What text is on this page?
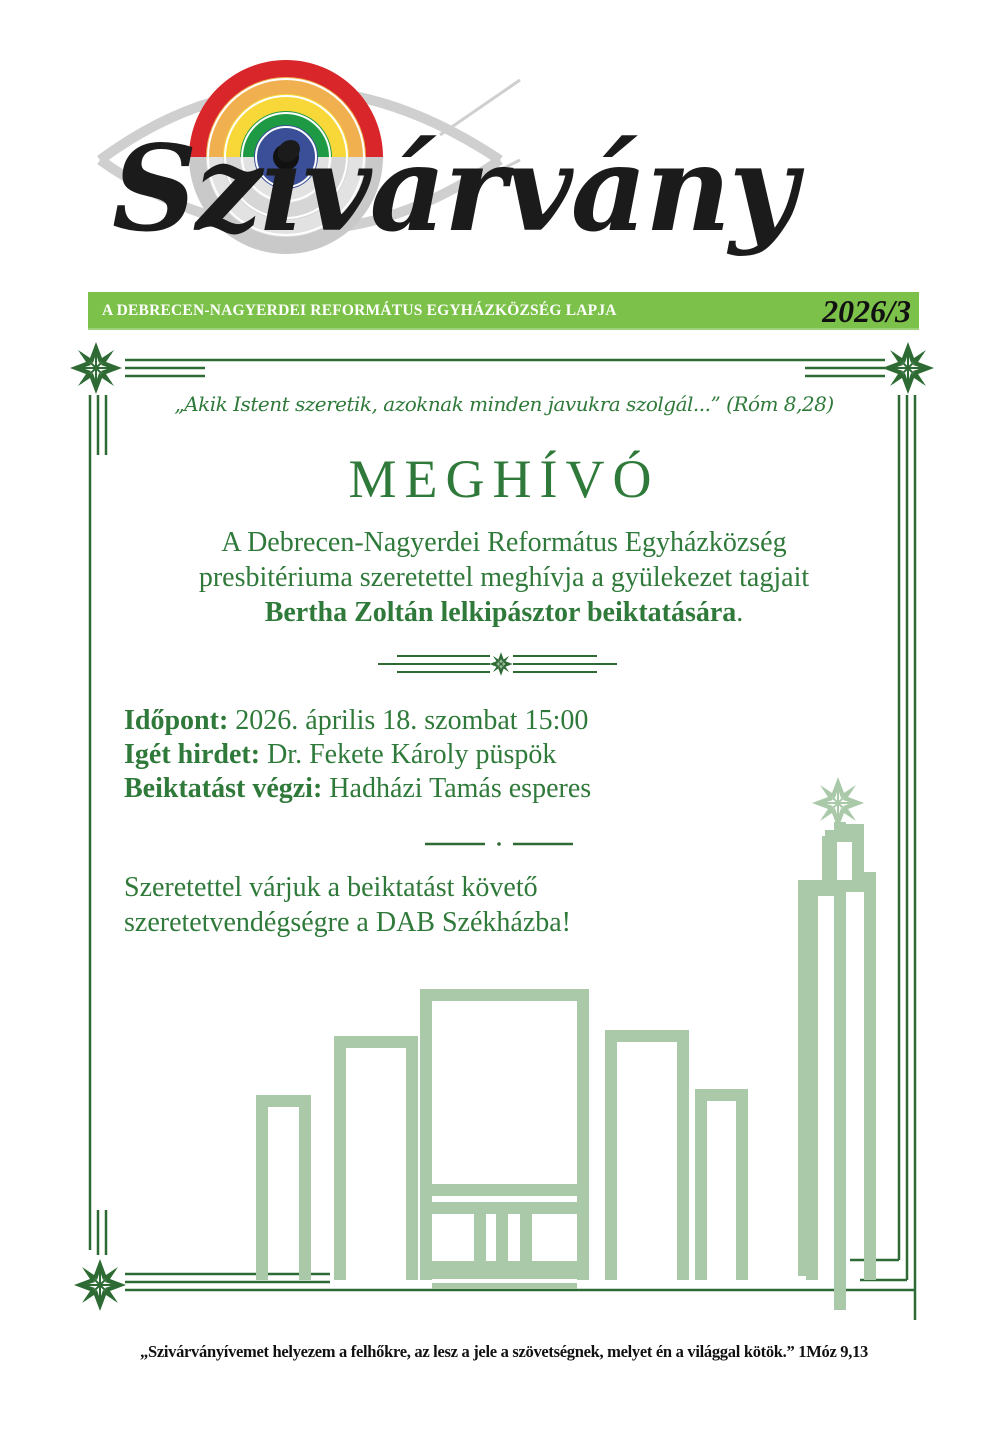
Szivárvány
A DEBRECEN-NAGYERDEI REFORMÁTUS EGYHÁZKÖZSÉG LAPJA	2026/3
„Akik Istent szeretik, azoknak minden javukra szolgál...” (Róm 8,28)
MEGHÍVÓ
A Debrecen-Nagyerdei Református Egyházközség
presbitériuma szeretettel meghívja a gyülekezet tagjait
Bertha Zoltán lelkipásztor beiktatására.
Időpont: 2026. április 18. szombat 15:00
Igét hirdet: Dr. Fekete Károly püspök
Beiktatást végzi: Hadházi Tamás esperes
Szeretettel várjuk a beiktatást követő
szeretetvendégségre a DAB Székházba!
„Szivárványívemet helyezem a felhőkre, az lesz a jele a szövetségnek, melyet én a világgal kötök.” 1Móz 9,13
